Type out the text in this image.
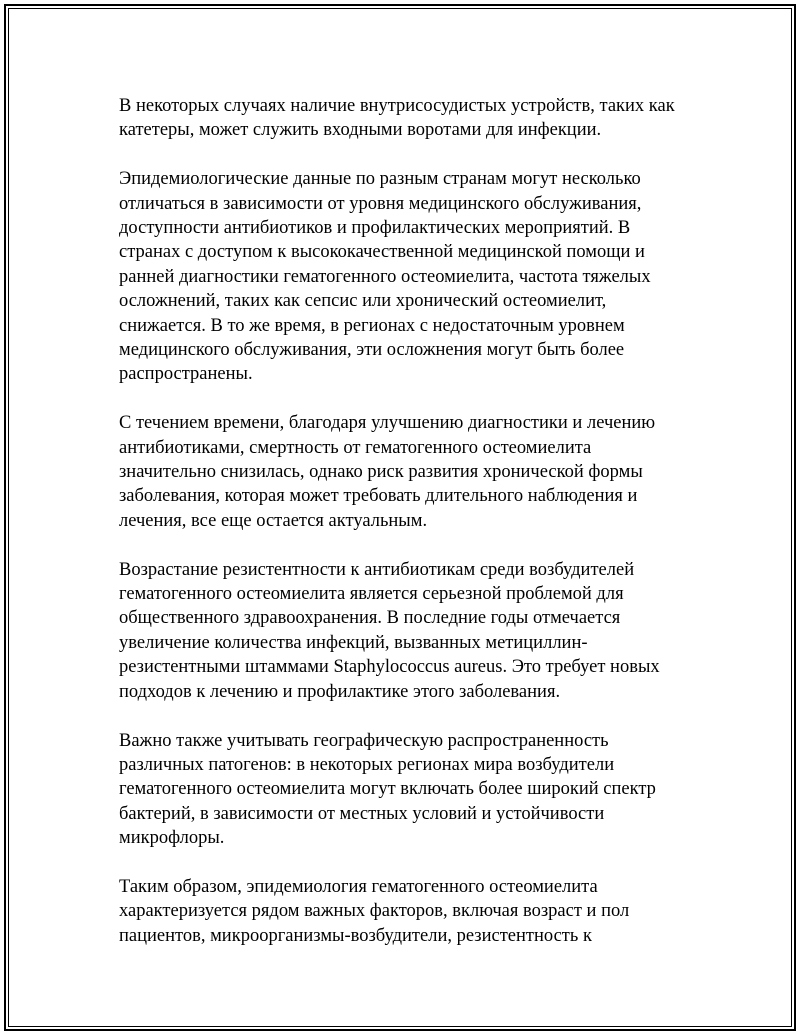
В некоторых случаях наличие внутрисосудистых устройств, таких как
катетеры, может служить входными воротами для инфекции.

Эпидемиологические данные по разным странам могут несколько
отличаться в зависимости от уровня медицинского обслуживания,
доступности антибиотиков и профилактических мероприятий. В
странах с доступом к высококачественной медицинской помощи и
ранней диагностики гематогенного остеомиелита, частота тяжелых
осложнений, таких как сепсис или хронический остеомиелит,
снижается. В то же время, в регионах с недостаточным уровнем
медицинского обслуживания, эти осложнения могут быть более
распространены.

С течением времени, благодаря улучшению диагностики и лечению
антибиотиками, смертность от гематогенного остеомиелита
значительно снизилась, однако риск развития хронической формы
заболевания, которая может требовать длительного наблюдения и
лечения, все еще остается актуальным.

Возрастание резистентности к антибиотикам среди возбудителей
гематогенного остеомиелита является серьезной проблемой для
общественного здравоохранения. В последние годы отмечается
увеличение количества инфекций, вызванных метициллин-
резистентными штаммами Staphylococcus aureus. Это требует новых
подходов к лечению и профилактике этого заболевания.

Важно также учитывать географическую распространенность
различных патогенов: в некоторых регионах мира возбудители
гематогенного остеомиелита могут включать более широкий спектр
бактерий, в зависимости от местных условий и устойчивости
микрофлоры.

Таким образом, эпидемиология гематогенного остеомиелита
характеризуется рядом важных факторов, включая возраст и пол
пациентов, микроорганизмы-возбудители, резистентность к
